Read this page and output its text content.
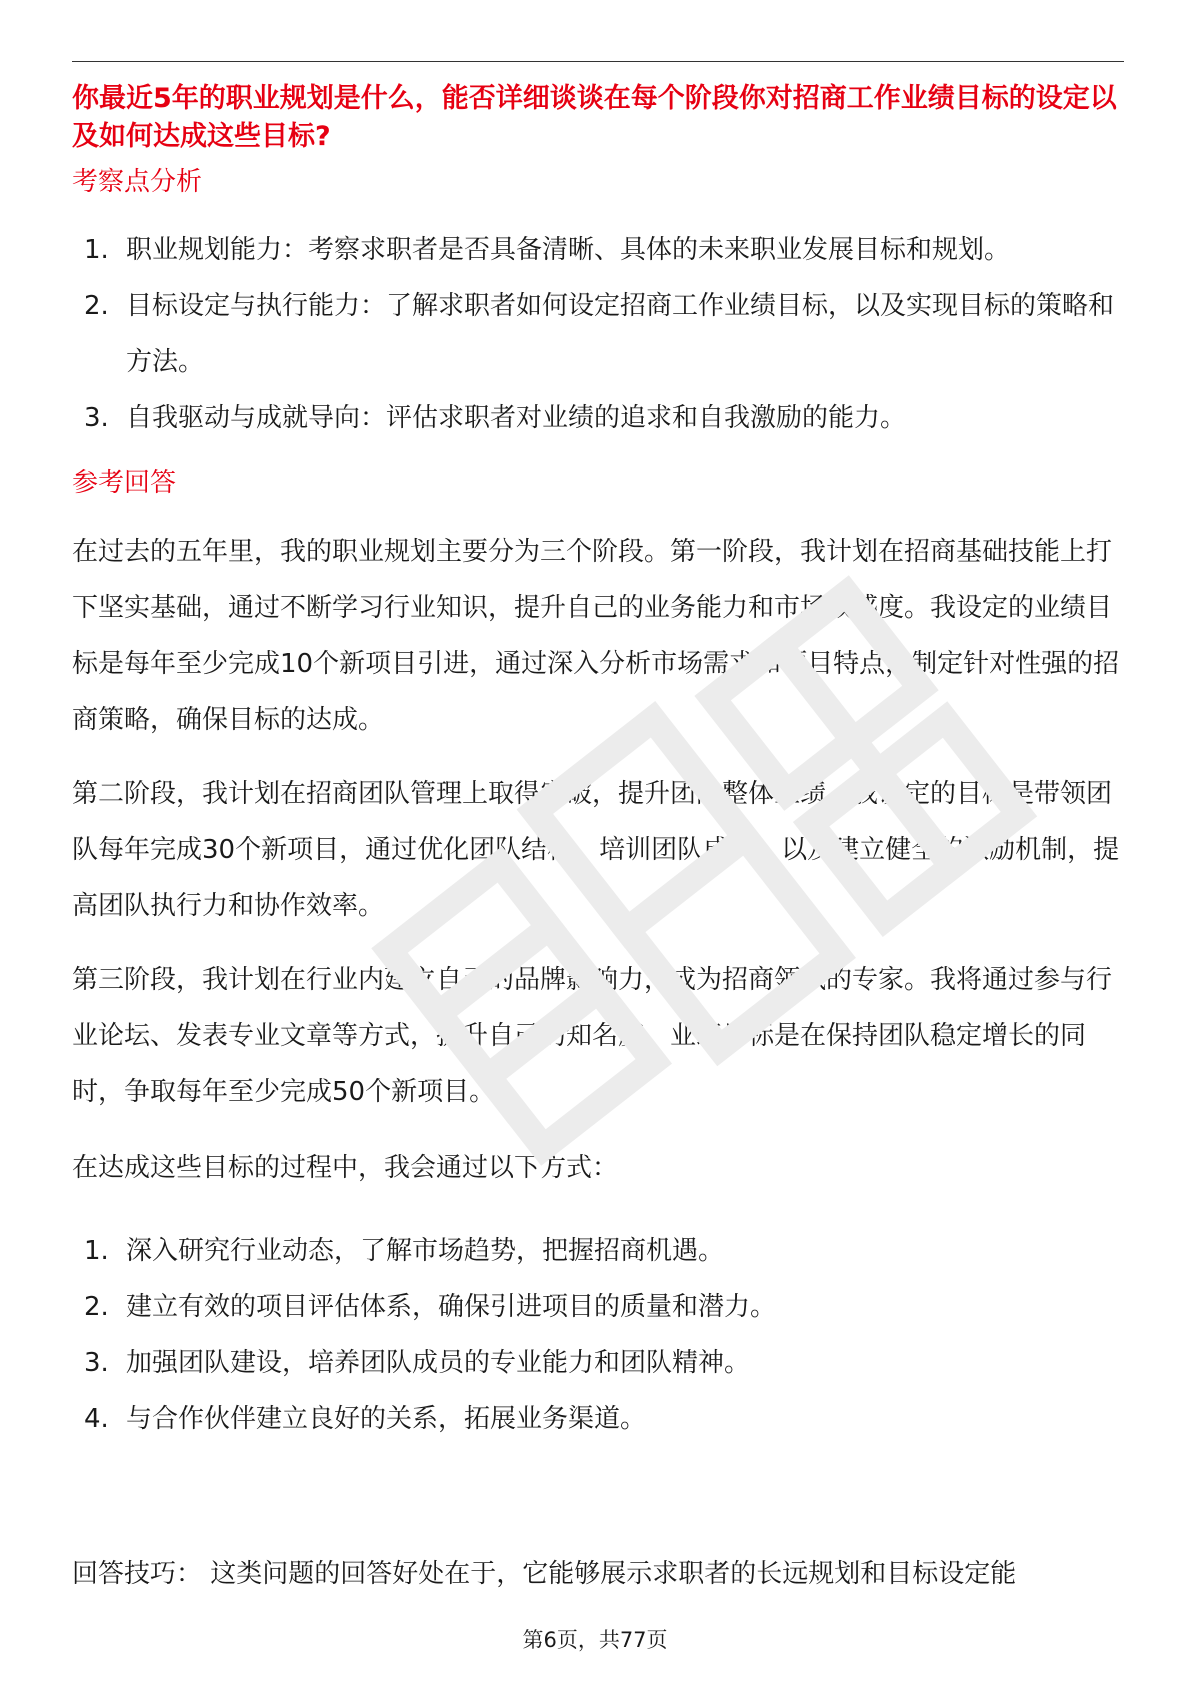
你最近5年的职业规划是什么，能否详细谈谈在每个阶段你对招商工作业绩目标的设定以及如何达成这些目标?
考察点分析
1. 职业规划能力：考察求职者是否具备清晰、具体的未来职业发展目标和规划。
2. 目标设定与执行能力：了解求职者如何设定招商工作业绩目标，以及实现目标的策略和方法。
3. 自我驱动与成就导向：评估求职者对业绩的追求和自我激励的能力。
参考回答

在过去的五年里，我的职业规划主要分为三个阶段。第一阶段，我计划在招商基础技能上打下坚实基础，通过不断学习行业知识，提升自己的业务能力和市场敏感度。我设定的业绩目标是每年至少完成10个新项目引进，通过深入分析市场需求和项目特点，制定针对性强的招商策略，确保目标的达成。

第二阶段，我计划在招商团队管理上取得突破，提升团队整体业绩。我设定的目标是带领团队每年完成30个新项目，通过优化团队结构、培训团队成员，以及建立健全的激励机制，提高团队执行力和协作效率。

第三阶段，我计划在行业内建立自己的品牌影响力，成为招商领域的专家。我将通过参与行业论坛、发表专业文章等方式，提升自己的知名度。业绩目标是在保持团队稳定增长的同时，争取每年至少完成50个新项目。

在达成这些目标的过程中，我会通过以下方式：

1. 深入研究行业动态，了解市场趋势，把握招商机遇。
2. 建立有效的项目评估体系，确保引进项目的质量和潜力。
3. 加强团队建设，培养团队成员的专业能力和团队精神。
4. 与合作伙伴建立良好的关系，拓展业务渠道。

回答技巧： 这类问题的回答好处在于，它能够展示求职者的长远规划和目标设定能

第6页，共77页
